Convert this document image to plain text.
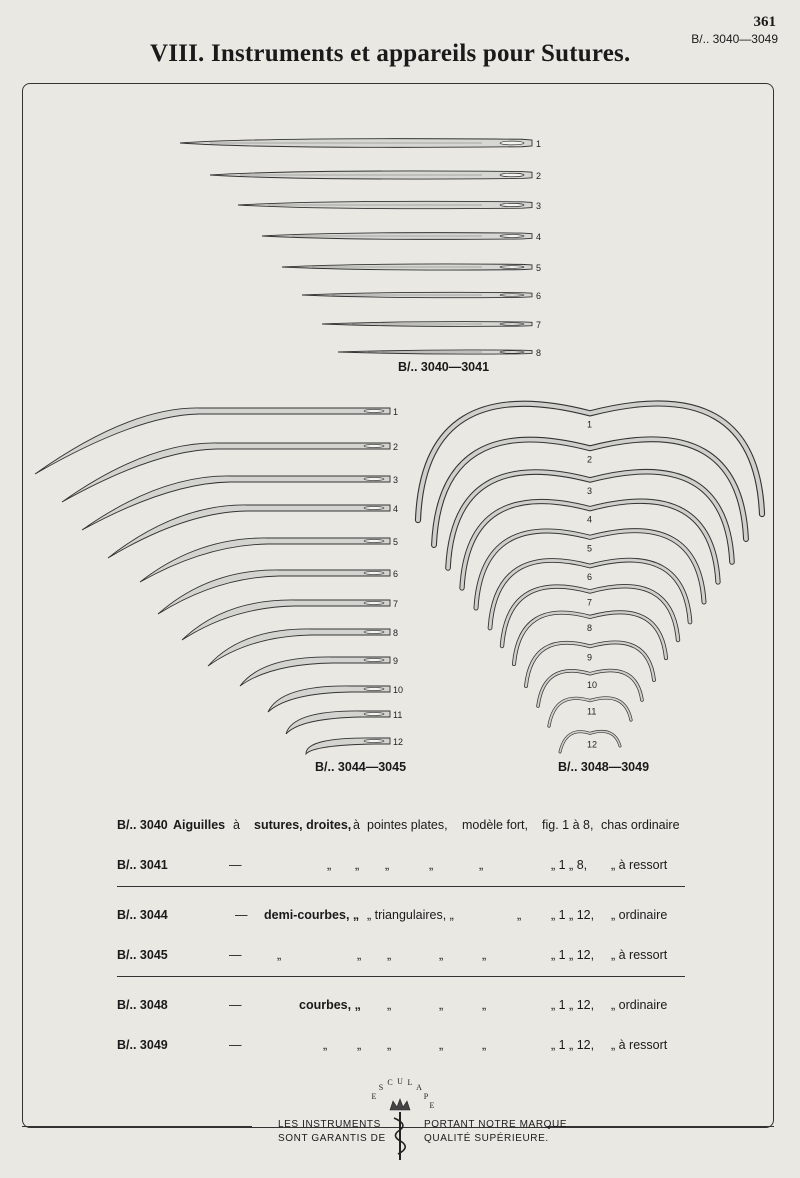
361
B/.. 3040—3049
VIII. Instruments et appareils pour Sutures.
1
2
3
4
5
6
7
8
1
2
3
4
5
6
7
8
9
10
11
12
1
2
3
4
5
6
7
8
9
10
11
12
E
S
C U L
A
P
E
B/.. 3040—3041
B/.. 3044—3045	B/.. 3048—3049
B/.. 3040 Aiguilles à sutures, droites, à pointes plates, modèle fort, fig. 1 à 8, chas ordinaire
B/.. 3041	—	„ „ „	„	„	„ 1 „ 8, „ à ressort
B/.. 3044	— demi-courbes, „ „ triangulaires, „	„ „ 1 „ 12, „ ordinaire
B/.. 3045	—	„	„ „	„	„	„ 1 „ 12, „ à ressort
B/.. 3048	—	courbes, „ „	„	„	„ 1 „ 12, „ ordinaire
B/.. 3049	—	„ „ „	„	„	„ 1 „ 12, „ à ressort
LES INSTRUMENTS
SONT GARANTIS DE
PORTANT NOTRE MARQUE
QUALITÉ SUPÉRIEURE.
